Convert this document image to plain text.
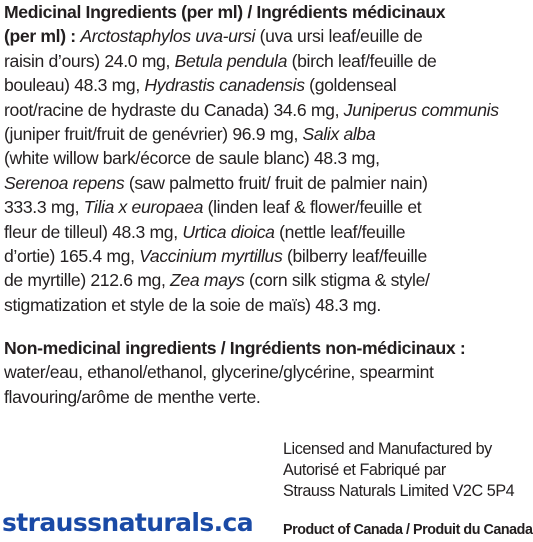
Medicinal Ingredients (per ml) / Ingrédients médicinaux
(per ml) : Arctostaphylos uva-ursi (uva ursi leaf/euille de
raisin d’ours) 24.0 mg, Betula pendula (birch leaf/feuille de
bouleau) 48.3 mg, Hydrastis canadensis (goldenseal
root/racine de hydraste du Canada) 34.6 mg, Juniperus communis
(juniper fruit/fruit de genévrier) 96.9 mg, Salix alba
(white willow bark/écorce de saule blanc) 48.3 mg,
Serenoa repens (saw palmetto fruit/ fruit de palmier nain)
333.3 mg, Tilia x europaea (linden leaf & flower/feuille et
fleur de tilleul) 48.3 mg, Urtica dioica (nettle leaf/feuille
d’ortie) 165.4 mg, Vaccinium myrtillus (bilberry leaf/feuille
de myrtille) 212.6 mg, Zea mays (corn silk stigma & style/
stigmatization et style de la soie de maïs) 48.3 mg.
Non-medicinal ingredients / Ingrédients non-médicinaux :
water/eau, ethanol/ethanol, glycerine/glycérine, spearmint
flavouring/arôme de menthe verte.
Licensed and Manufactured by
Autorisé et Fabriqué par
Strauss Naturals Limited V2C 5P4
straussnaturals.ca Product of Canada / Produit du Canada
